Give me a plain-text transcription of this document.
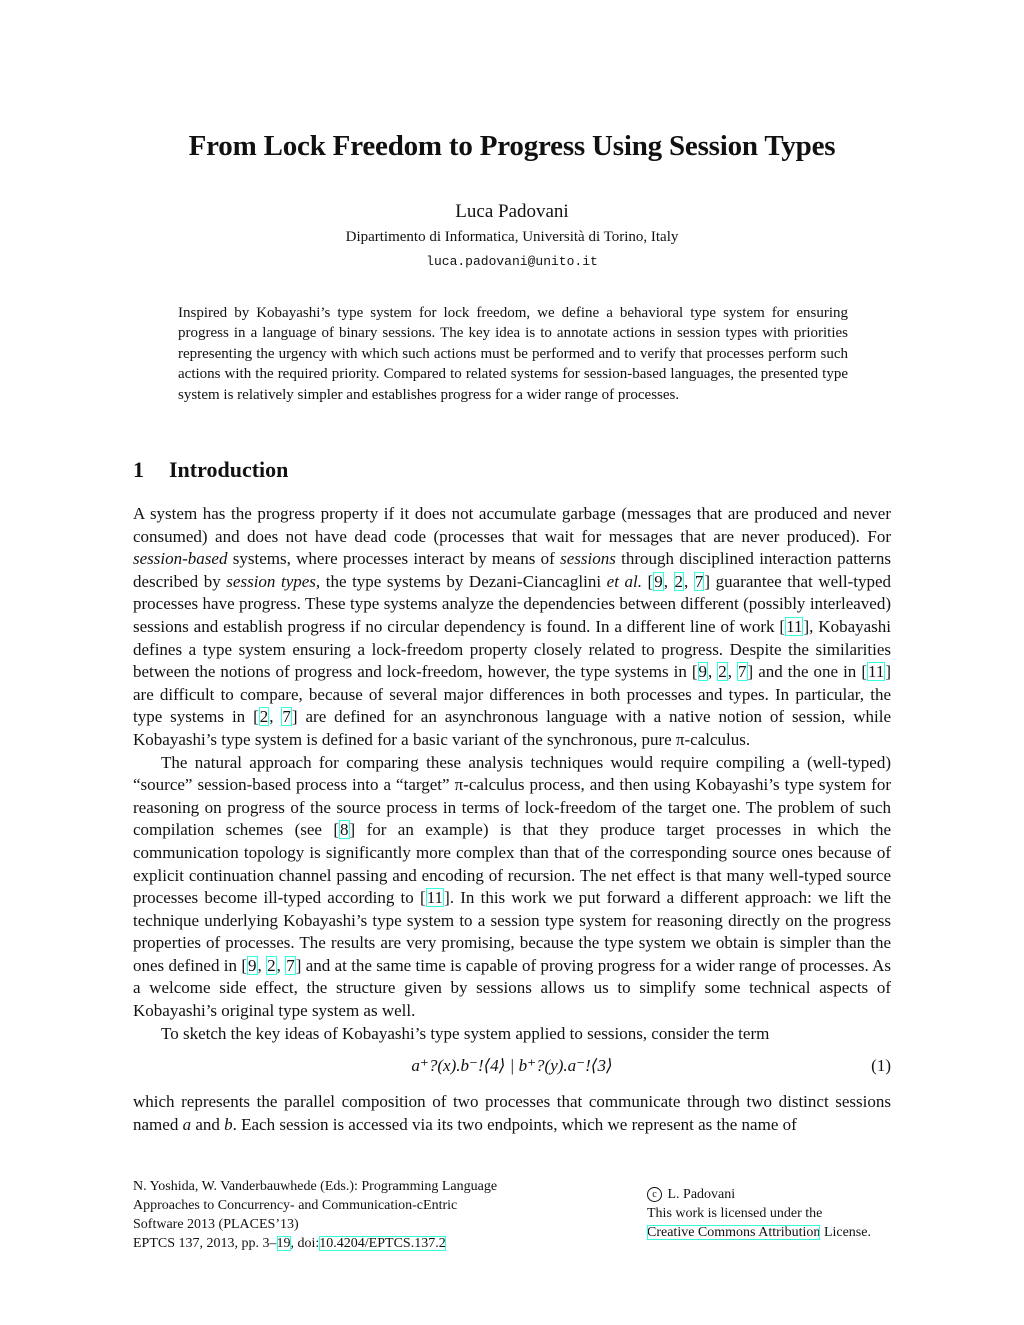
From Lock Freedom to Progress Using Session Types
Luca Padovani
Dipartimento di Informatica, Università di Torino, Italy
luca.padovani@unito.it
Inspired by Kobayashi’s type system for lock freedom, we define a behavioral type system for ensuring progress in a language of binary sessions. The key idea is to annotate actions in session types with priorities representing the urgency with which such actions must be performed and to verify that processes perform such actions with the required priority. Compared to related systems for session-based languages, the presented type system is relatively simpler and establishes progress for a wider range of processes.
1 Introduction

A system has the progress property if it does not accumulate garbage (messages that are produced and never consumed) and does not have dead code (processes that wait for messages that are never produced). For session-based systems, where processes interact by means of sessions through disciplined interaction patterns described by session types, the type systems by Dezani-Ciancaglini et al. [9, 2, 7] guarantee that well-typed processes have progress. These type systems analyze the dependencies between different (possibly interleaved) sessions and establish progress if no circular dependency is found. In a different line of work [11], Kobayashi defines a type system ensuring a lock-freedom property closely related to progress. Despite the similarities between the notions of progress and lock-freedom, however, the type systems in [9, 2, 7] and the one in [11] are difficult to compare, because of several major differences in both processes and types. In particular, the type systems in [2, 7] are defined for an asynchronous language with a native notion of session, while Kobayashi’s type system is defined for a basic variant of the synchronous, pure π-calculus.

The natural approach for comparing these analysis techniques would require compiling a (well-typed) “source” session-based process into a “target” π-calculus process, and then using Kobayashi’s type system for reasoning on progress of the source process in terms of lock-freedom of the target one. The problem of such compilation schemes (see [8] for an example) is that they produce target processes in which the communication topology is significantly more complex than that of the corresponding source ones because of explicit continuation channel passing and encoding of recursion. The net effect is that many well-typed source processes become ill-typed according to [11]. In this work we put forward a different approach: we lift the technique underlying Kobayashi’s type system to a session type system for reasoning directly on the progress properties of processes. The results are very promising, because the type system we obtain is simpler than the ones defined in [9, 2, 7] and at the same time is capable of proving progress for a wider range of processes. As a welcome side effect, the structure given by sessions allows us to simplify some technical aspects of Kobayashi’s original type system as well.

To sketch the key ideas of Kobayashi’s type system applied to sessions, consider the term

a⁺?(x).b⁻!⟨4⟩ | b⁺?(y).a⁻!⟨3⟩	(1)

which represents the parallel composition of two processes that communicate through two distinct sessions named a and b. Each session is accessed via its two endpoints, which we represent as the name of

N. Yoshida, W. Vanderbauwhede (Eds.): Programming Language
Approaches to Concurrency- and Communication-cEntric
Software 2013 (PLACES’13)
EPTCS 137, 2013, pp. 3–19, doi:10.4204/EPTCS.137.2
c L. Padovani
This work is licensed under the
Creative Commons Attribution License.
